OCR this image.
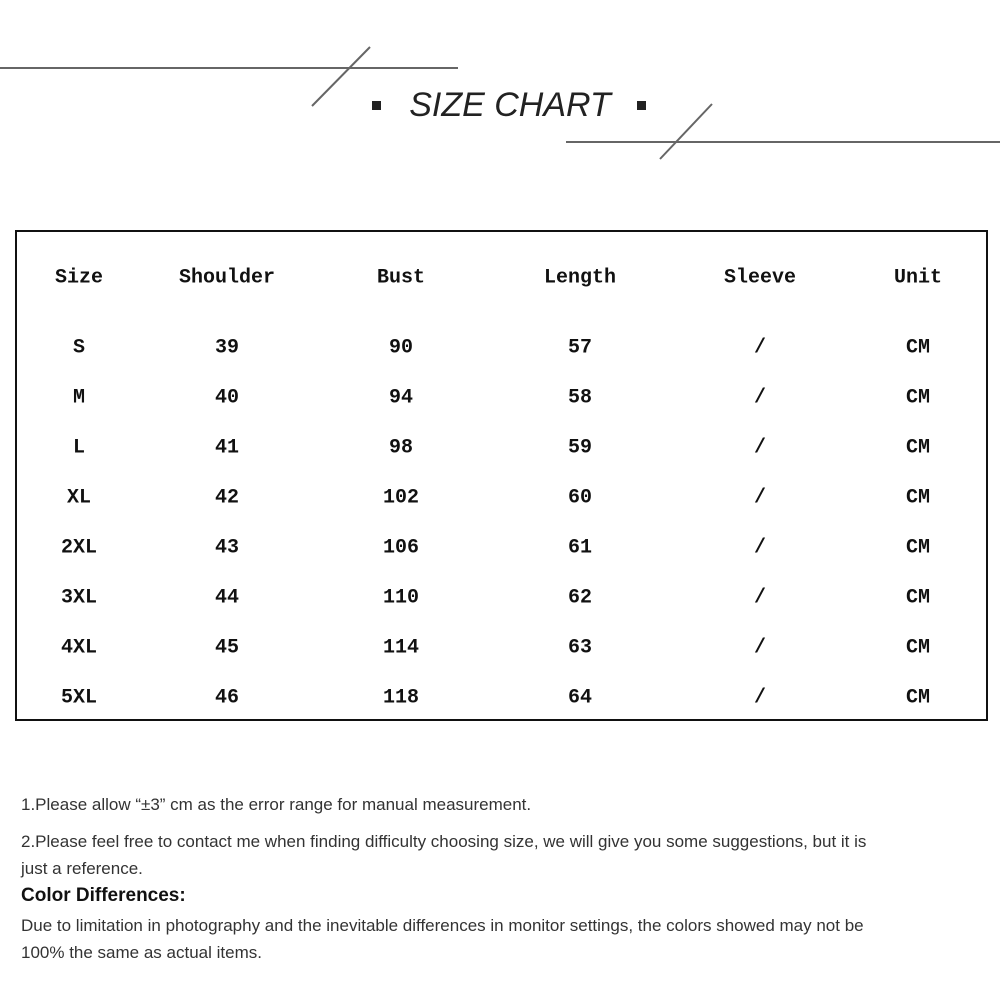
SIZE CHART
Size	Shoulder	Bust	Length	Sleeve	Unit
S	39	90	57	/	CM
M	40	94	58	/	CM
L	41	98	59	/	CM
XL	42	102	60	/	CM
2XL	43	106	61	/	CM
3XL	44	110	62	/	CM
4XL	45	114	63	/	CM
5XL	46	118	64	/	CM
1.Please allow “±3” cm as the error range for manual measurement.
2.Please feel free to contact me when finding difficulty choosing size, we will give you some suggestions, but it is
just a reference.
Color Differences:
Due to limitation in photography and the inevitable differences in monitor settings, the colors showed may not be
100% the same as actual items.
